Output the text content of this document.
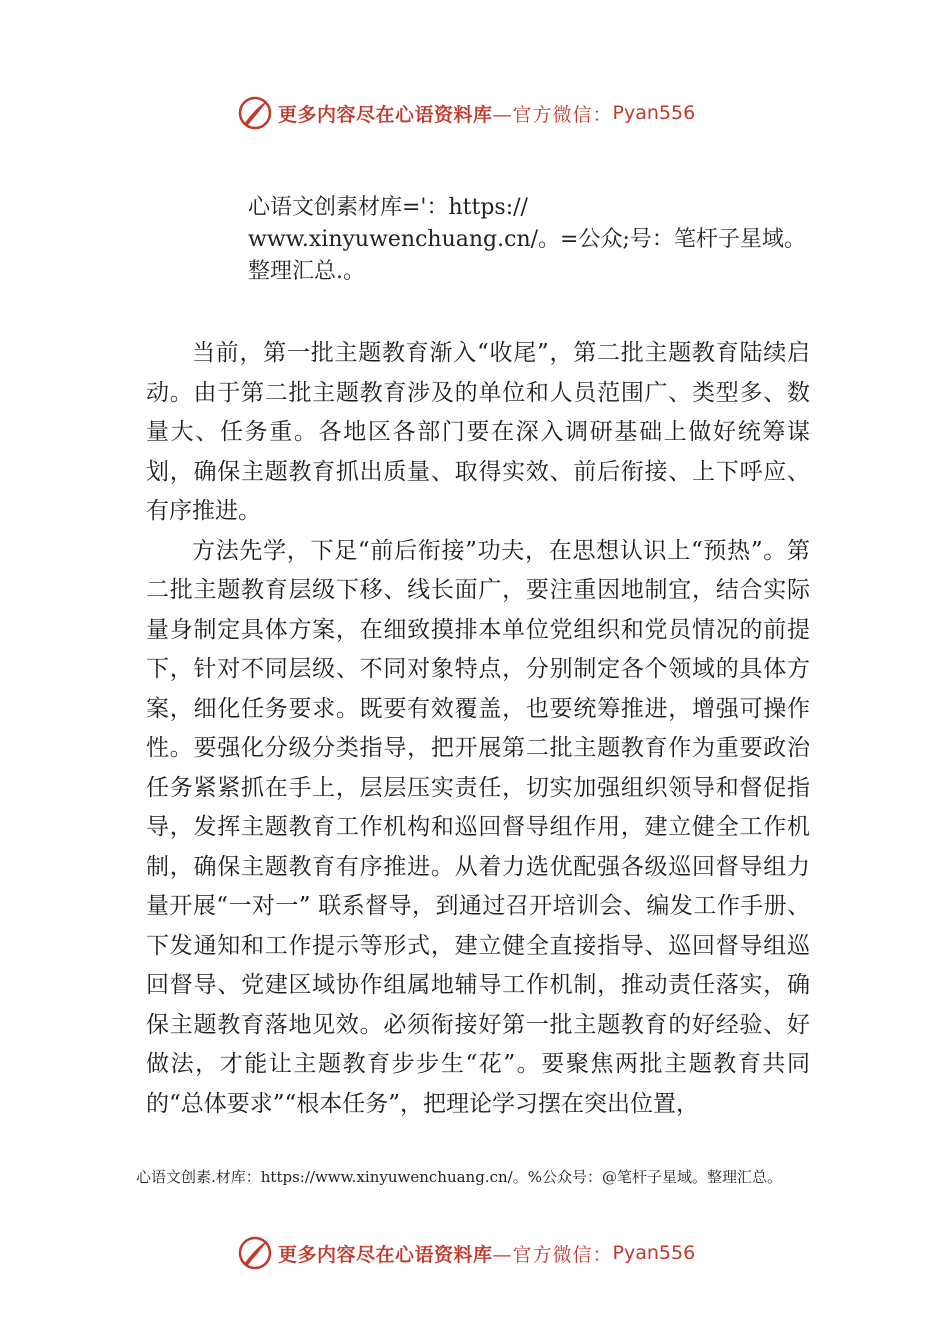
更多内容尽在心语资料库 —官方微信： Pyan556
心语文创素材库='：https://
www.xinyuwenchuang.cn/。=公众;号：笔杆子星域。
整理汇总.。

当前，第一批主题教育渐入“收尾”，第二批主题教育陆续启动。由于第二批主题教育涉及的单位和人员范围广、类型多、数量大、任务重。各地区各部门要在深入调研基础上做好统筹谋划，确保主题教育抓出质量、取得实效、前后衔接、上下呼应、有序推进。

方法先学，下足“前后衔接”功夫，在思想认识上“预热”。第二批主题教育层级下移、线长面广，要注重因地制宜，结合实际量身制定具体方案，在细致摸排本单位党组织和党员情况的前提下，针对不同层级、不同对象特点，分别制定各个领域的具体方案，细化任务要求。既要有效覆盖，也要统筹推进，增强可操作性。要强化分级分类指导，把开展第二批主题教育作为重要政治任务紧紧抓在手上，层层压实责任，切实加强组织领导和督促指导，发挥主题教育工作机构和巡回督导组作用，建立健全工作机制，确保主题教育有序推进。从着力选优配强各级巡回督导组力量开展“一对一” 联系督导，到通过召开培训会、编发工作手册、下发通知和工作提示等形式，建立健全直接指导、巡回督导组巡回督导、党建区域协作组属地辅导工作机制，推动责任落实，确保主题教育落地见效。必须衔接好第一批主题教育的好经验、好做法，才能让主题教育步步生“花”。要聚焦两批主题教育共同的“总体要求”“根本任务”，把理论学习摆在突出位置，

心语文创素.材库：https://www.xinyuwenchuang.cn/。%公众号：@笔杆子星域。整理汇总。
更多内容尽在心语资料库 —官方微信： Pyan556
